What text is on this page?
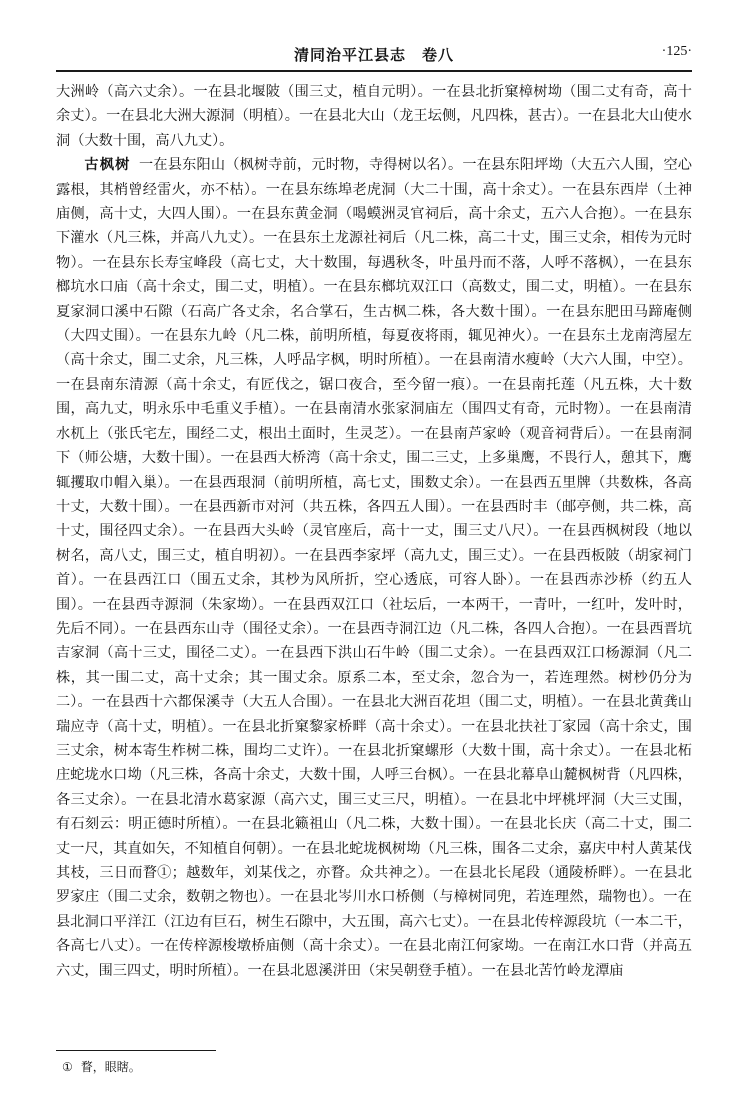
清同治平江县志　卷八	·125·

大洲岭（高六丈余）。一在县北堰陂（围三丈，植自元明）。一在县北折窠樟树坳（围二丈有奇，高十余丈）。一在县北大洲大源洞（明植）。一在县北大山（龙王坛侧，凡四株，甚古）。一在县北大山使水洞（大数十围，高八九丈）。

古枫树 一在县东阳山（枫树寺前，元时物，寺得树以名）。一在县东阳坪坳（大五六人围，空心露根，其梢曾经雷火，亦不枯）。一在县东练埠老虎洞（大二十围，高十余丈）。一在县东西岸（土神庙侧，高十丈，大四人围）。一在县东黄金洞（喝蟆洲灵官祠后，高十余丈，五六人合抱）。一在县东下灌水（凡三株，并高八九丈）。一在县东土龙源社祠后（凡二株，高二十丈，围三丈余，相传为元时物）。一在县东长寿宝峰段（高七丈，大十数围，每遇秋冬，叶虽丹而不落，人呼不落枫），一在县东榔坑水口庙（高十余丈，围二丈，明植）。一在县东榔坑双江口（高数丈，围二丈，明植）。一在县东夏家洞口溪中石隙（石高广各丈余，名合掌石，生古枫二株，各大数十围）。一在县东肥田马蹄庵侧（大四丈围）。一在县东九岭（凡二株，前明所植，每夏夜将雨，辄见神火）。一在县东土龙南湾屋左（高十余丈，围二丈余，凡三株，人呼品字枫，明时所植）。一在县南清水瘦岭（大六人围，中空）。一在县南东清源（高十余丈，有匠伐之，锯口夜合，至今留一痕）。一在县南托莲（凡五株，大十数围，高九丈，明永乐中毛重义手植）。一在县南清水张家洞庙左（围四丈有奇，元时物）。一在县南清水杌上（张氏宅左，围经二丈，根出土面时，生灵芝）。一在县南芦家岭（观音祠背后）。一在县南洞下（师公塘，大数十围）。一在县西大桥湾（高十余丈，围二三丈，上多巢鹰，不畏行人，憩其下，鹰辄攫取巾帽入巢）。一在县西珢洞（前明所植，高七丈，围数丈余）。一在县西五里牌（共数株，各高十丈，大数十围）。一在县西新市对河（共五株，各四五人围）。一在县西时丰（邮亭侧，共二株，高十丈，围径四丈余）。一在县西大头岭（灵官座后，高十一丈，围三丈八尺）。一在县西枫树段（地以树名，高八丈，围三丈，植自明初）。一在县西李家坪（高九丈，围三丈）。一在县西板陂（胡家祠门首）。一在县西江口（围五丈余，其杪为风所折，空心透底，可容人卧）。一在县西赤沙桥（约五人围）。一在县西寺源洞（朱家坳）。一在县西双江口（社坛后，一本两干，一青叶，一红叶，发叶时，先后不同）。一在县西东山寺（围径丈余）。一在县西寺洞江边（凡二株，各四人合抱）。一在县西晋坑吉家洞（高十三丈，围径二丈）。一在县西下洪山石牛岭（围二丈余）。一在县西双江口杨源洞（凡二株，其一围二丈，高十丈余；其一围丈余。原系二本，至丈余，忽合为一，若连理然。树杪仍分为二）。一在县西十六都保溪寺（大五人合围）。一在县北大洲百花坦（围二丈，明植）。一在县北黄龚山瑞应寺（高十丈，明植）。一在县北折窠黎家桥畔（高十余丈）。一在县北扶社丁家园（高十余丈，围三丈余，树本寄生柞树二株，围均二丈许）。一在县北折窠螺形（大数十围，高十余丈）。一在县北柘庄蛇垅水口坳（凡三株，各高十余丈，大数十围，人呼三台枫）。一在县北幕阜山麓枫树背（凡四株，各三丈余）。一在县北清水葛家源（高六丈，围三丈三尺，明植）。一在县北中坪桃坪洞（大三丈围，有石刻云：明正德时所植）。一在县北籁祖山（凡二株，大数十围）。一在县北长庆（高二十丈，围二丈一尺，其直如矢，不知植自何朝）。一在县北蛇垅枫树坳（凡三株，围各二丈余，嘉庆中村人黄某伐其枝，三日而瞀①；越数年，刘某伐之，亦瞀。众共神之）。一在县北长尾段（通陵桥畔）。一在县北罗家庄（围二丈余，数朝之物也）。一在县北岑川水口桥侧（与樟树同兜，若连理然，瑞物也）。一在县北洞口平洋江（江边有巨石，树生石隙中，大五围，高六七丈）。一在县北传梓源段坑（一本二干，各高七八丈）。一在传梓源梭墩桥庙侧（高十余丈）。一在县北南江何家坳。一在南江水口背（并高五六丈，围三四丈，明时所植）。一在县北恩溪洴田（宋吴朝登手植）。一在县北苦竹岭龙潭庙

① 瞀，眼瞎。
